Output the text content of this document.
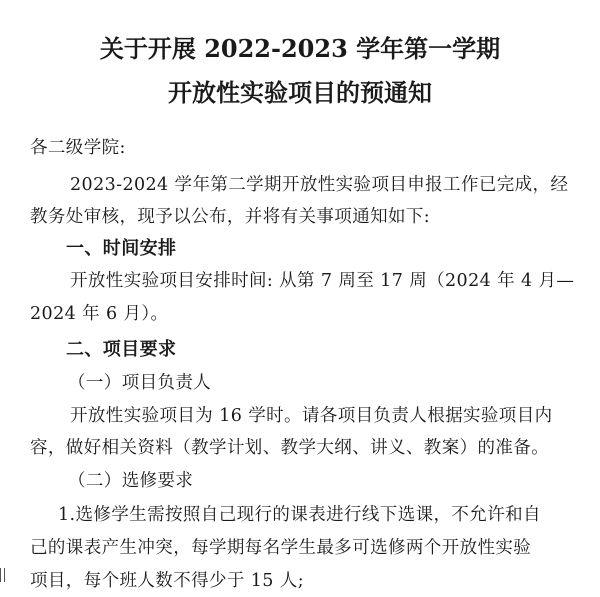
关于开展 2022-2023 学年第一学期
开放性实验项目的预通知

各二级学院:

2023-2024 学年第二学期开放性实验项目申报工作已完成，经

教务处审核，现予以公布，并将有关事项通知如下:

一、时间安排

开放性实验项目安排时间: 从第 7 周至 17 周（2024 年 4 月—

2024 年 6 月）。

二、项目要求

（一）项目负责人

开放性实验项目为 16 学时。请各项目负责人根据实验项目内

容，做好相关资料（教学计划、教学大纲、讲义、教案）的准备。

（二）选修要求

1.选修学生需按照自己现行的课表进行线下选课，不允许和自

己的课表产生冲突，每学期每名学生最多可选修两个开放性实验

项目，每个班人数不得少于 15 人;
